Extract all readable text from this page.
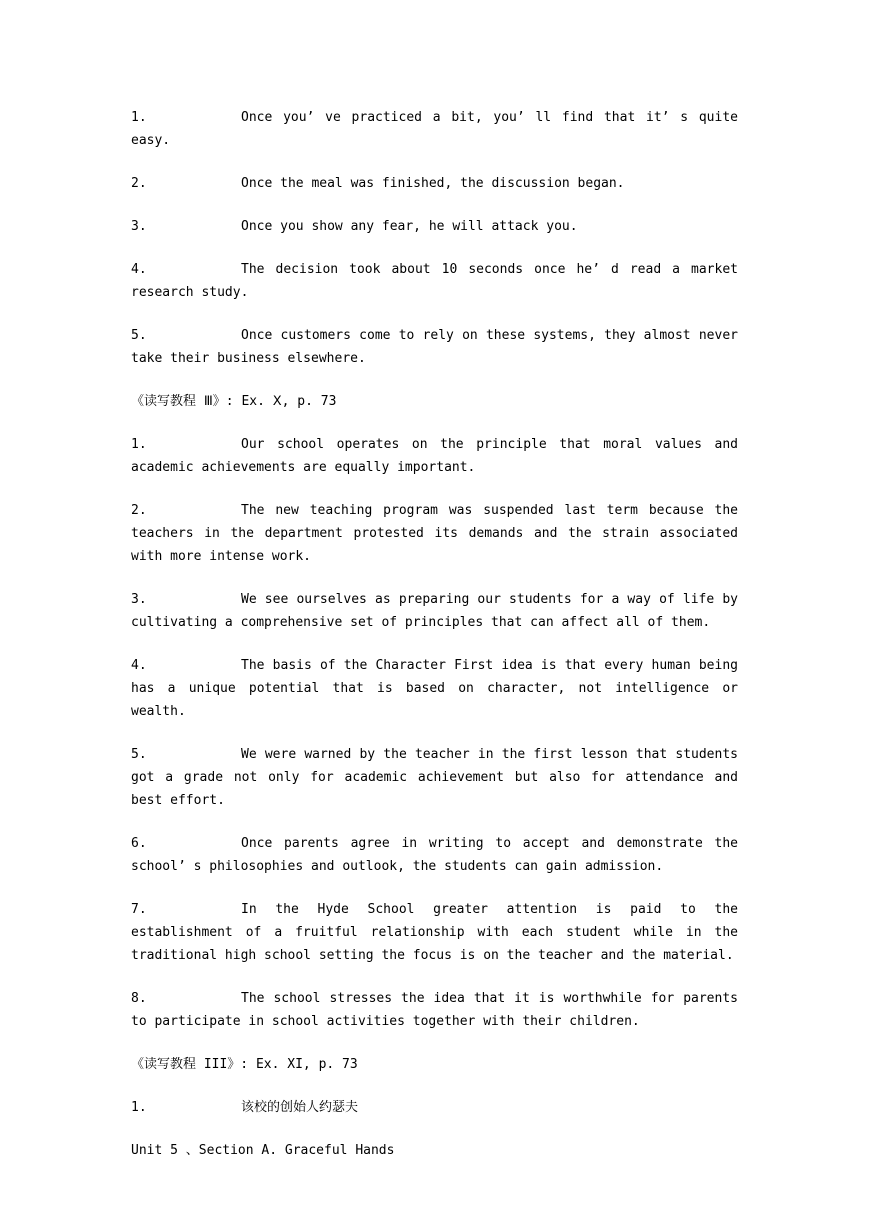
1.	Once you’ ve practiced a bit, you’ ll find that it’ s quite easy.
2.	Once the meal was finished, the discussion began.
3.	Once you show any fear, he will attack you.
4.	The decision took about 10 seconds once he’ d read a market research study.
5.	Once customers come to rely on these systems, they almost never take their business elsewhere.
《读写教程 Ⅲ》: Ex. Ⅹ, p. 73
1.	Our school operates on the principle that moral values and academic achievements are equally important.
2.	The new teaching program was suspended last term because the teachers in the department protested its demands and the strain associated with more intense work.
3.	We see ourselves as preparing our students for a way of life by cultivating a comprehensive set of principles that can affect all of them.
4.	The basis of the Character First idea is that every human being has a unique potential that is based on character, not intelligence or wealth.
5.	We were warned by the teacher in the first lesson that students got a grade not only for academic achievement but also for attendance and best effort.
6.	Once parents agree in writing to accept and demonstrate the school’ s philosophies and outlook, the students can gain admission.
7.	In the Hyde School greater attention is paid to the establishment of a fruitful relationship with each student while in the traditional high school setting the focus is on the teacher and the material.
8.	The school stresses the idea that it is worthwhile for parents to participate in school activities together with their children.
《读写教程 III》: Ex. XI, p. 73
1.	该校的创始人约瑟夫
Unit 5 、Section A. Graceful Hands
